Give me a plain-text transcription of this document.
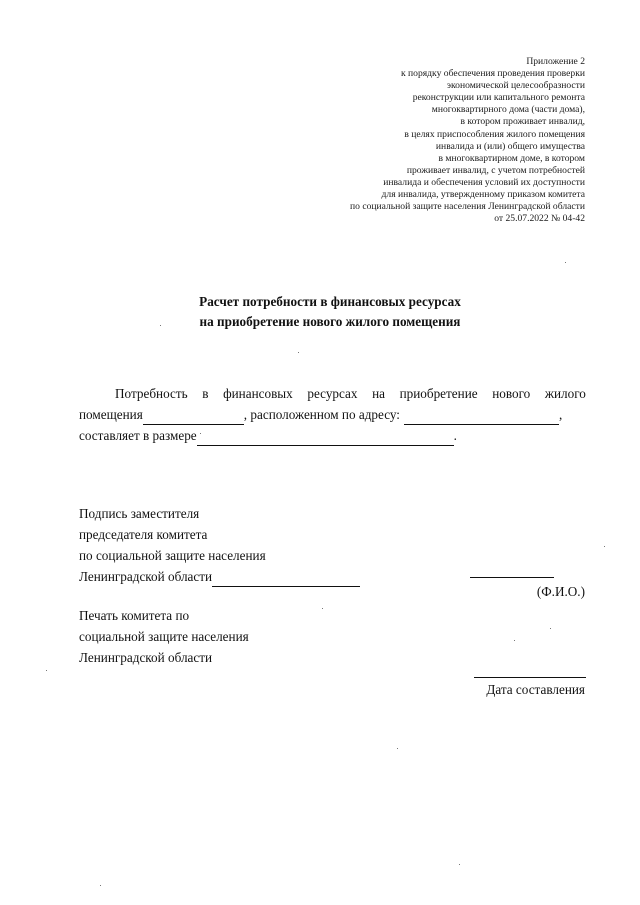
Приложение 2
к порядку обеспечения проведения проверки
экономической целесообразности
реконструкции или капитального ремонта
многоквартирного дома (части дома),
в котором проживает инвалид,
в целях приспособления жилого помещения
инвалида и (или) общего имущества
в многоквартирном доме, в котором
проживает инвалид, с учетом потребностей
инвалида и обеспечения условий их доступности
для инвалида, утвержденному приказом комитета
по социальной защите населения Ленинградской области
от 25.07.2022 № 04-42
Расчет потребности в финансовых ресурсах
на приобретение нового жилого помещения
Потребность в финансовых ресурсах на приобретение нового жилого
помещения	, расположенном по адресу:	,
составляет в размере	.
Подпись заместителя
председателя комитета
по социальной защите населения
Ленинградской области
(Ф.И.О.)
Печать комитета по
социальной защите населения
Ленинградской области
Дата составления
